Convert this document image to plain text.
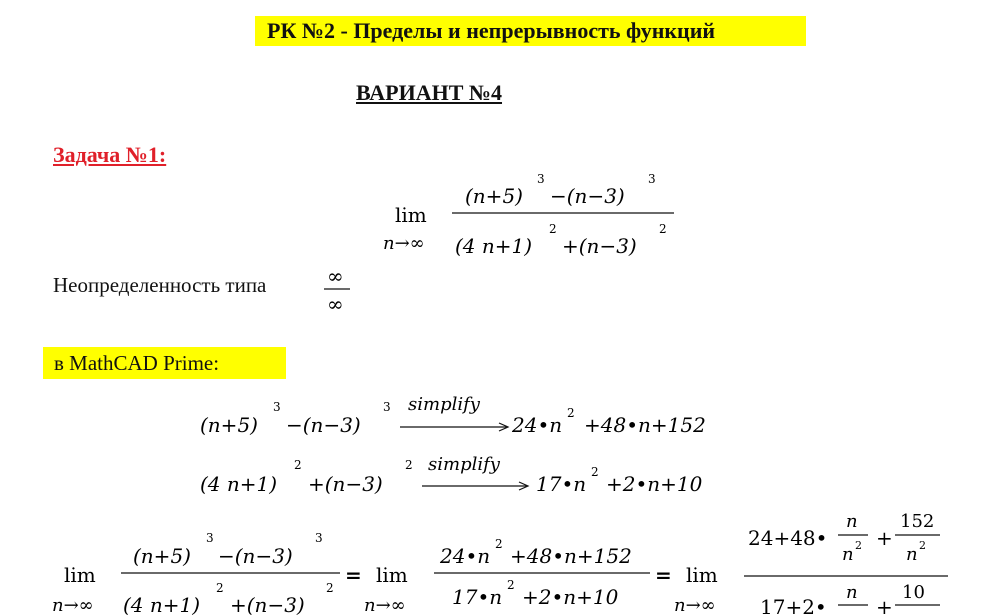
РК №2 - Пределы и непрерывность функций
ВАРИАНТ №4
Задача №1:
lim
n→∞
(n+5)
3
−(n−3)
3
(4 n+1)
2
+(n−3)
2
∞
∞
(n+5)
3
−(n−3)
3 simplify
24•n 2 +48•n+152
(4 n+1)
2
+(n−3)
2 simplify
17•n 2 +2•n+10
lim
n→∞
(n+5)
3
−(n−3)
3
(4 n+1)
2
+(n−3)
2
= lim
n→∞
24•n 2 +48•n+152
17•n 2 +2•n+10
= lim
n→∞
24+48•
n
n 2 +
152
n 2
17+2•
n
+
10
Неопределенность типа
в MathCAD Prime:
